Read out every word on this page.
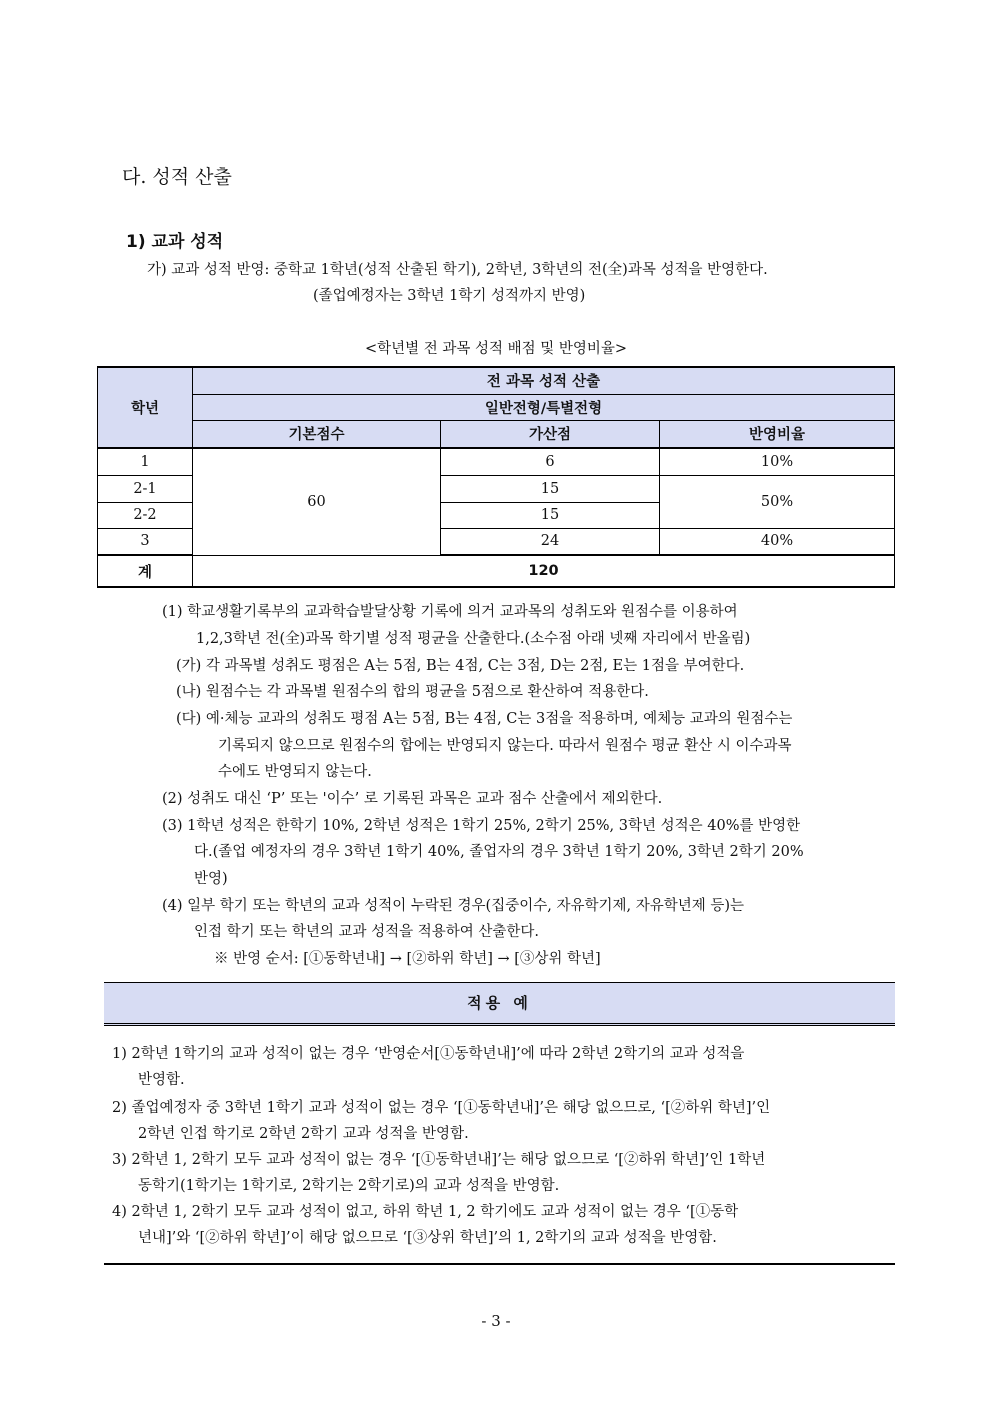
다. 성적 산출
1) 교과 성적
가) 교과 성적 반영: 중학교 1학년(성적 산출된 학기), 2학년, 3학년의 전(全)과목 성적을 반영한다.
(졸업예정자는 3학년 1학기 성적까지 반영)
<학년별 전 과목 성적 배점 및 반영비율>
학년	전 과목 성적 산출		
	일반전형/특별전형		
	기본점수	가산점	반영비율
1	60	6	10%
2-1		15	50%
2-2		15	
3		24	40%
계	120		
(1) 학교생활기록부의 교과학습발달상황 기록에 의거 교과목의 성취도와 원점수를 이용하여
1,2,3학년 전(全)과목 학기별 성적 평균을 산출한다.(소수점 아래 넷째 자리에서 반올림)
(가) 각 과목별 성취도 평점은 A는 5점, B는 4점, C는 3점, D는 2점, E는 1점을 부여한다.
(나) 원점수는 각 과목별 원점수의 합의 평균을 5점으로 환산하여 적용한다.
(다) 예·체능 교과의 성취도 평점 A는 5점, B는 4점, C는 3점을 적용하며, 예체능 교과의 원점수는
기록되지 않으므로 원점수의 합에는 반영되지 않는다. 따라서 원점수 평균 환산 시 이수과목
수에도 반영되지 않는다.
(2) 성취도 대신 ‘P’ 또는 '이수’ 로 기록된 과목은 교과 점수 산출에서 제외한다.
(3) 1학년 성적은 한학기 10%, 2학년 성적은 1학기 25%, 2학기 25%, 3학년 성적은 40%를 반영한
다.(졸업 예정자의 경우 3학년 1학기 40%, 졸업자의 경우 3학년 1학기 20%, 3학년 2학기 20%
반영)
(4) 일부 학기 또는 학년의 교과 성적이 누락된 경우(집중이수, 자유학기제, 자유학년제 등)는
인접 학기 또는 학년의 교과 성적을 적용하여 산출한다.
※ 반영 순서: [①동학년내] → [②하위 학년] → [③상위 학년]
적용 예
1) 2학년 1학기의 교과 성적이 없는 경우 ‘반영순서[①동학년내]’에 따라 2학년 2학기의 교과 성적을
반영함.
2) 졸업예정자 중 3학년 1학기 교과 성적이 없는 경우 ‘[①동학년내]’은 해당 없으므로, ‘[②하위 학년]’인
2학년 인접 학기로 2학년 2학기 교과 성적을 반영함.
3) 2학년 1, 2학기 모두 교과 성적이 없는 경우 ‘[①동학년내]’는 해당 없으므로 ‘[②하위 학년]’인 1학년
동학기(1학기는 1학기로, 2학기는 2학기로)의 교과 성적을 반영함.
4) 2학년 1, 2학기 모두 교과 성적이 없고, 하위 학년 1, 2 학기에도 교과 성적이 없는 경우 ‘[①동학
년내]’와 ‘[②하위 학년]’이 해당 없으므로 ‘[③상위 학년]’의 1, 2학기의 교과 성적을 반영함.
- 3 -
